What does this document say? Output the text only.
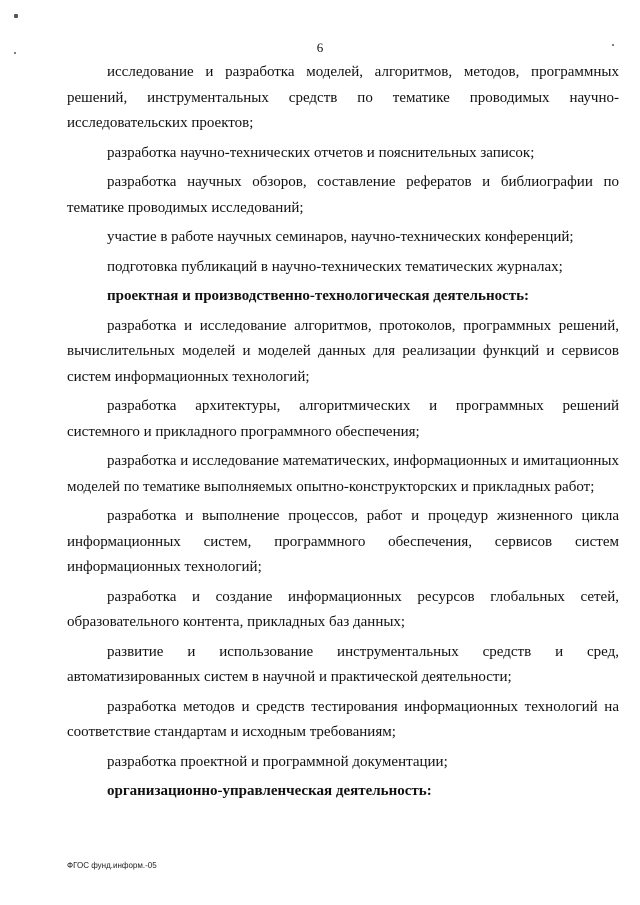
6

исследование и разработка моделей, алгоритмов, методов, программных решений, инструментальных средств по тематике проводимых научно-исследовательских проектов;

разработка научно-технических отчетов и пояснительных записок;

разработка научных обзоров, составление рефератов и библиографии по тематике проводимых исследований;

участие в работе научных семинаров, научно-технических конференций;

подготовка публикаций в научно-технических тематических журналах;

проектная и производственно-технологическая деятельность:

разработка и исследование алгоритмов, протоколов, программных решений, вычислительных моделей и моделей данных для реализации функций и сервисов систем информационных технологий;

разработка архитектуры, алгоритмических и программных решений системного и прикладного программного обеспечения;

разработка и исследование математических, информационных и имитационных моделей по тематике выполняемых опытно-конструкторских и прикладных работ;

разработка и выполнение процессов, работ и процедур жизненного цикла информационных систем, программного обеспечения, сервисов систем информационных технологий;

разработка и создание информационных ресурсов глобальных сетей, образовательного контента, прикладных баз данных;

развитие и использование инструментальных средств и сред, автоматизированных систем в научной и практической деятельности;

разработка методов и средств тестирования информационных технологий на соответствие стандартам и исходным требованиям;

разработка проектной и программной документации;

организационно-управленческая деятельность:

ФГОС фунд.информ.-05
